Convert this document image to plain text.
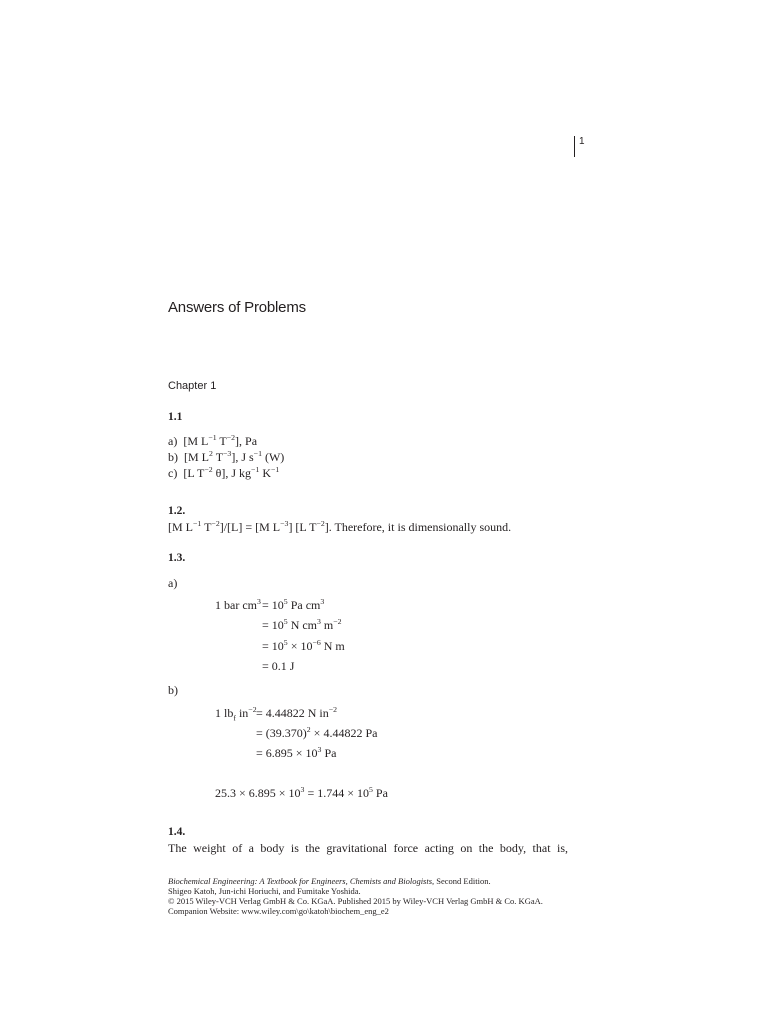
1
Answers of Problems
Chapter 1
1.1
a) [M $L^{-1}$ $T^{-2}$], Pa
b) [M $L^2$ $T^{-3}$], J $s^{-1}$ (W)
c) [L $T^{-2}$ θ], J $kg^{-1}$ $K^{-1}$
1.2.
[M $L^{-1}$ $T^{-2}]/[L] = [M$ $L^{-3}$] [L $T^{-2}$]. Therefore, it is dimensionally sound.
1.3.
a)
1 bar $cm^3 = 10^5$ Pa $cm^3$
= $10^5$ N $cm^3$ $m^{-2}$
= $10^5 \times 10^{-6}$ N m
= 0.1 J
b)
1 $lb_f$ $in^{-2} = 4.44822$ N $in^{-2}$
= $(39.370)^2 \times 4.44822$ Pa
= $6.895 \times 10^3$ Pa
$25.3 \times 6.895 \times 10^3 = 1.744 \times 10^5$ Pa
1.4.
The weight of a body is the gravitational force acting on the body, that is,
Biochemical Engineering: A Textbook for Engineers, Chemists and Biologists, Second Edition.
Shigeo Katoh, Jun-ichi Horiuchi, and Fumitake Yoshida.
© 2015 Wiley-VCH Verlag GmbH & Co. KGaA. Published 2015 by Wiley-VCH Verlag GmbH & Co. KGaA.
Companion Website: www.wiley.com\go\katoh\biochem_eng_e2
